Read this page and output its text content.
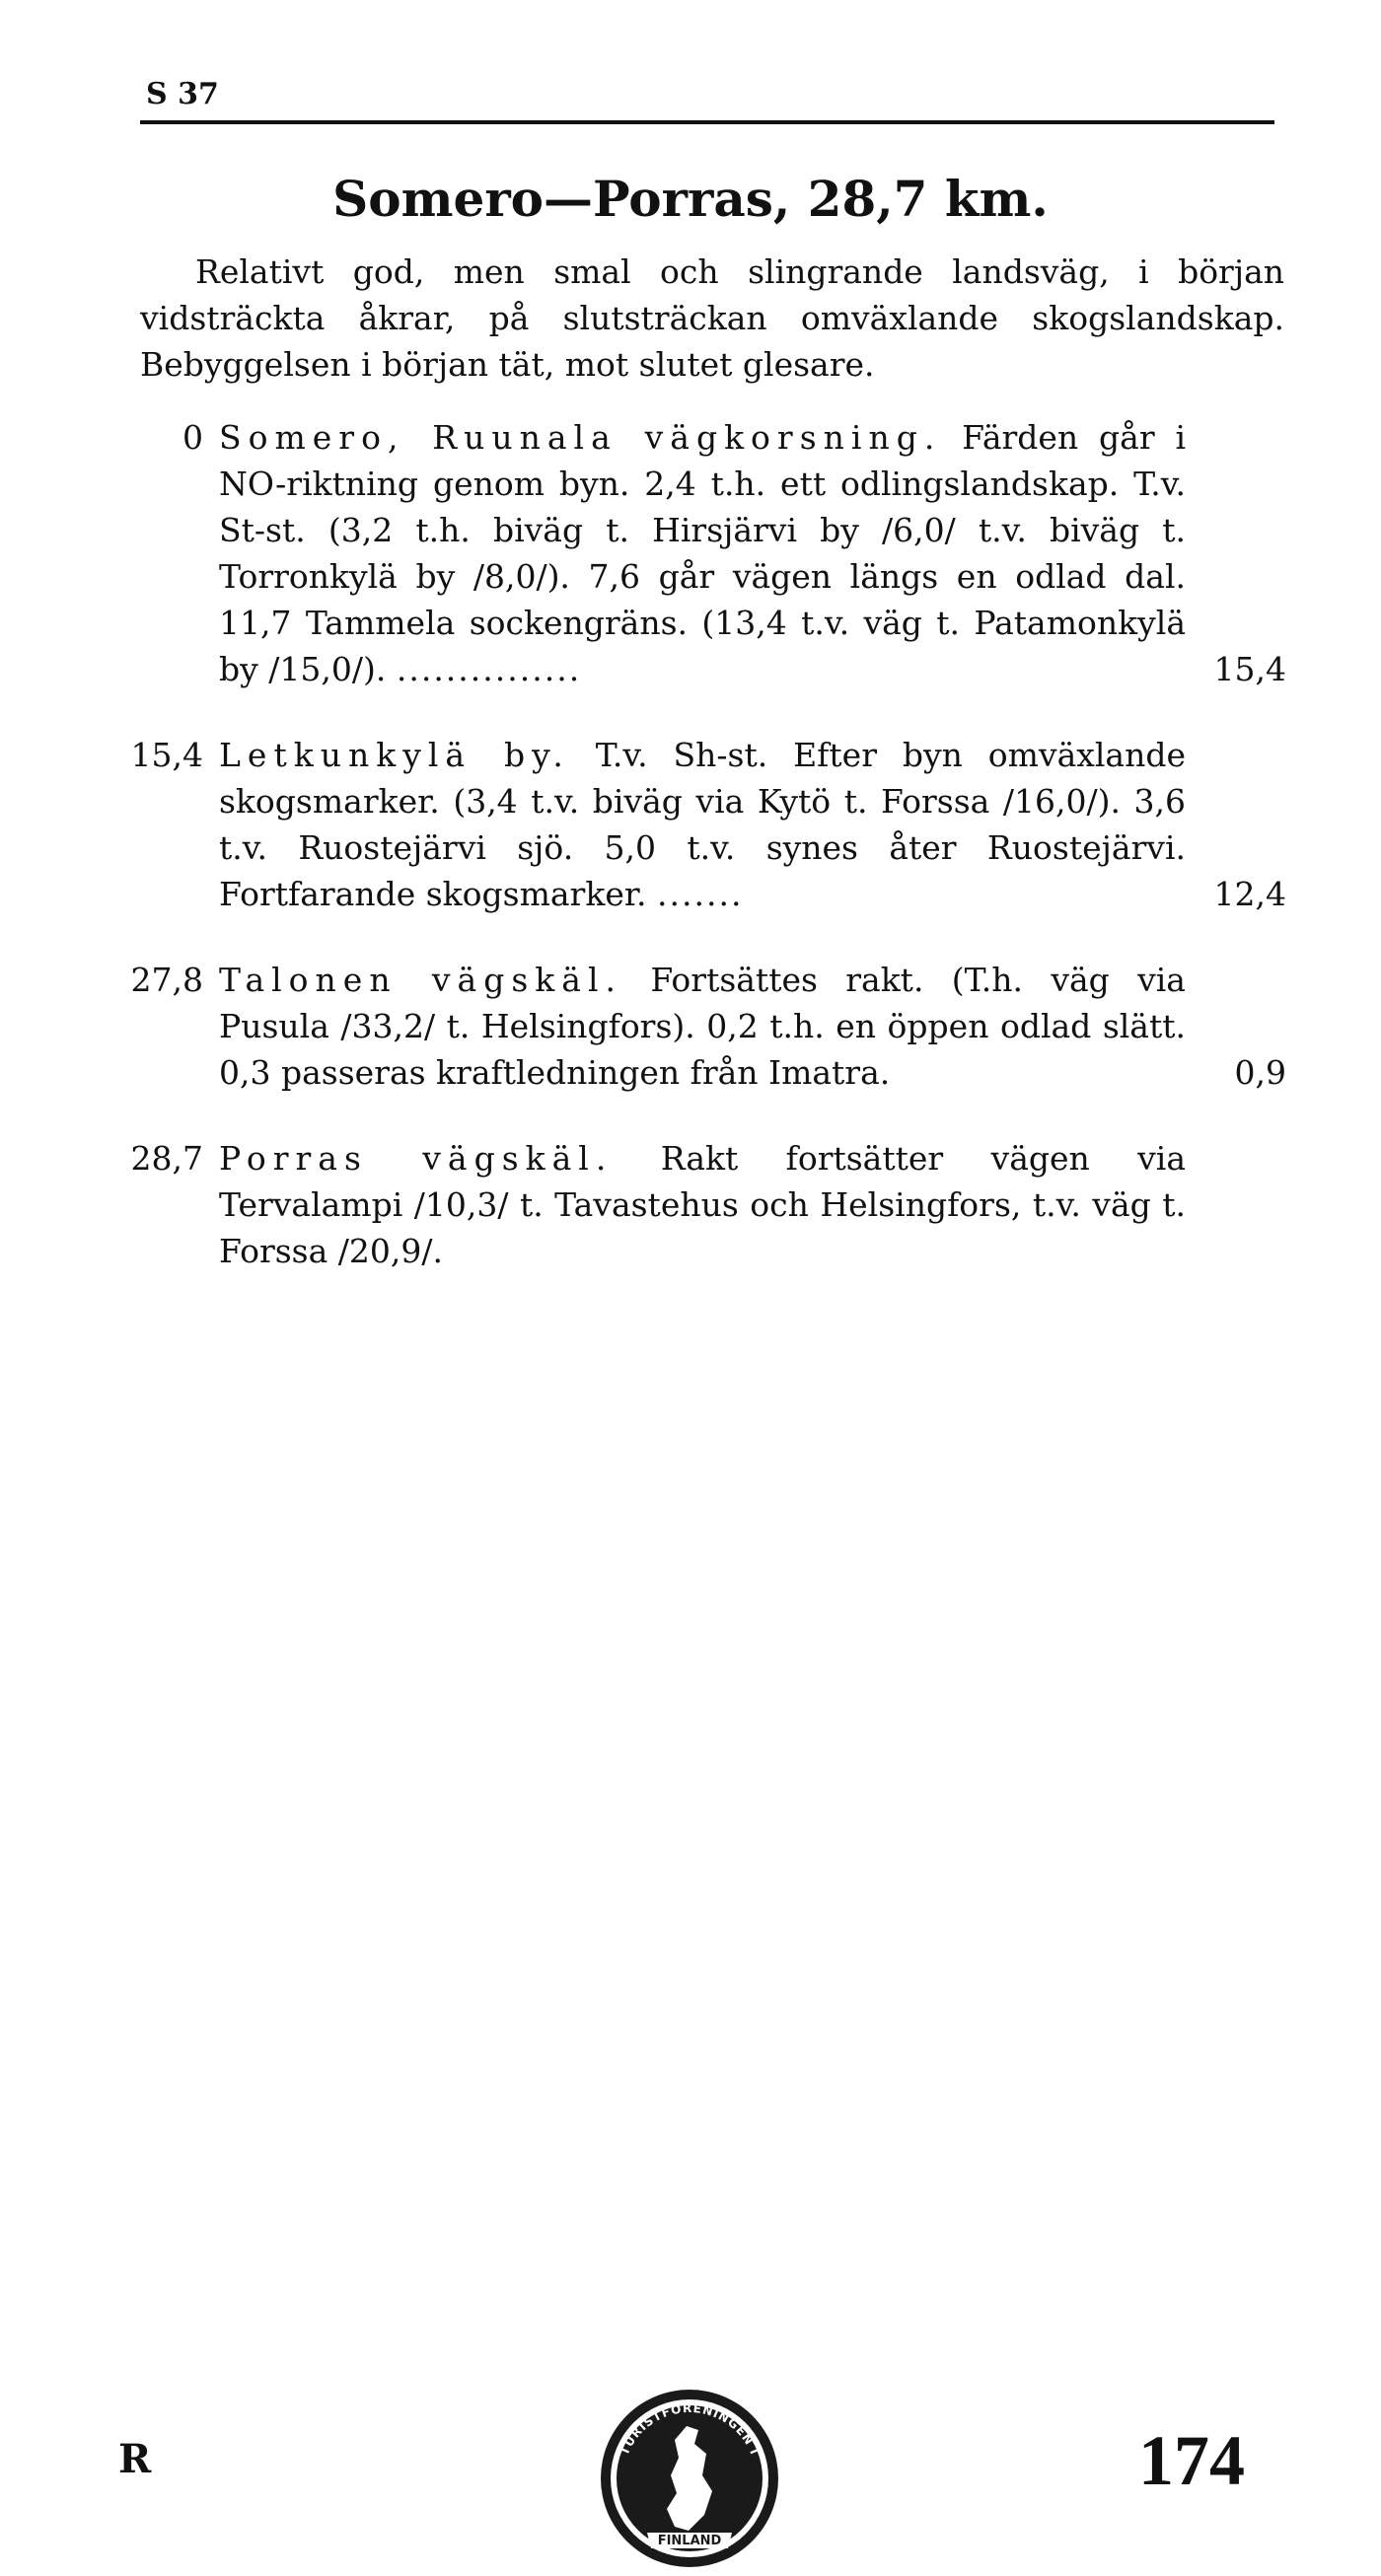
S 37
Somero—Porras, 28,7 km.
Relativt god, men smal och slingrande landsväg, i början vidsträckta åkrar, på slutsträckan omväxlande skogslandskap. Bebyggelsen i början tät, mot slutet glesare.
0 Somero, Ruunala vägkorsning. Färden går i NO-riktning genom byn. 2,4 t.h. ett odlingslandskap. T.v. St-st. (3,2 t.h. biväg t. Hirsjärvi by /6,0/ t.v. biväg t. Torronkylä by /8,0/). 7,6 går vägen längs en odlad dal. 11,7 Tammela sockengräns. (13,4 t.v. väg t. Patamonkylä by /15,0/). ...............	15,4
15,4 Letkunkylä by. T.v. Sh-st. Efter byn omväxlande skogsmarker. (3,4 t.v. biväg via Kytö t. Forssa /16,0/). 3,6 t.v. Ruostejärvi sjö. 5,0 t.v. synes åter Ruostejärvi. Fortfarande skogsmarker. .......	12,4
27,8 Talonen vägskäl. Fortsättes rakt. (T.h. väg via Pusula /33,2/ t. Helsingfors). 0,2 t.h. en öppen odlad slätt. 0,3 passeras kraftledningen från Imatra.	0,9
28,7 Porras vägskäl. Rakt fortsätter vägen via Tervalampi /10,3/ t. Tavastehus och Helsingfors, t.v. väg t. Forssa /20,9/.
R	TURISTFÖRENINGEN I
FINLAND
174
